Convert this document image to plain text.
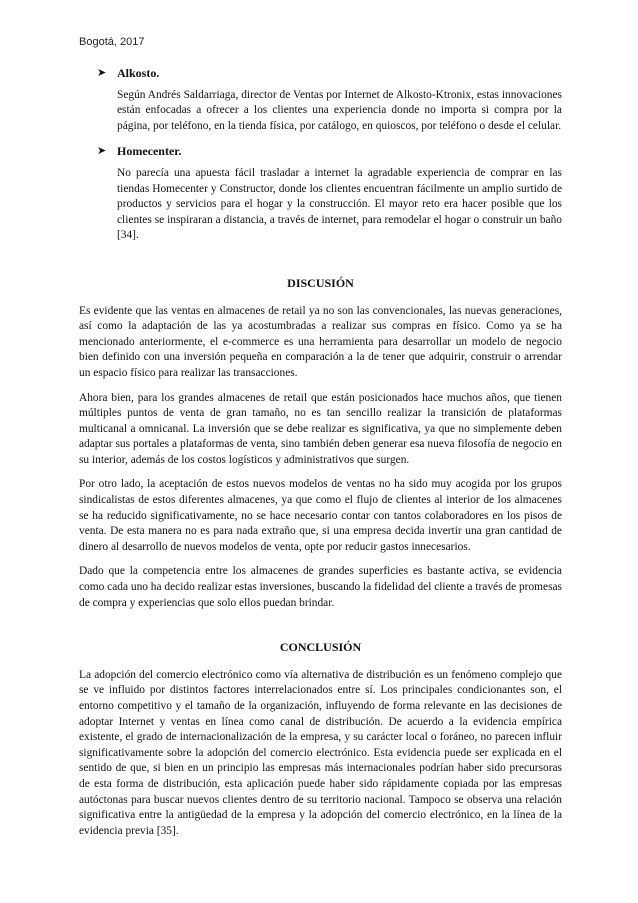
Bogotá, 2017
➤ Alkosto.

Según Andrés Saldarriaga, director de Ventas por Internet de Alkosto-Ktronix, estas innovaciones están enfocadas a ofrecer a los clientes una experiencia donde no importa si compra por la página, por teléfono, en la tienda física, por catálogo, en quioscos, por teléfono o desde el celular.

➤ Homecenter.

No parecía una apuesta fácil trasladar a internet la agradable experiencia de comprar en las tiendas Homecenter y Constructor, donde los clientes encuentran fácilmente un amplio surtido de productos y servicios para el hogar y la construcción. El mayor reto era hacer posible que los clientes se inspiraran a distancia, a través de internet, para remodelar el hogar o construir un baño [34].

DISCUSIÓN

Es evidente que las ventas en almacenes de retail ya no son las convencionales, las nuevas generaciones, así como la adaptación de las ya acostumbradas a realizar sus compras en físico. Como ya se ha mencionado anteriormente, el e-commerce es una herramienta para desarrollar un modelo de negocio bien definido con una inversión pequeña en comparación a la de tener que adquirir, construir o arrendar un espacio físico para realizar las transacciones.

Ahora bien, para los grandes almacenes de retail que están posicionados hace muchos años, que tienen múltiples puntos de venta de gran tamaño, no es tan sencillo realizar la transición de plataformas multicanal a omnicanal. La inversión que se debe realizar es significativa, ya que no simplemente deben adaptar sus portales a plataformas de venta, sino también deben generar esa nueva filosofía de negocio en su interior, además de los costos logísticos y administrativos que surgen.

Por otro lado, la aceptación de estos nuevos modelos de ventas no ha sido muy acogida por los grupos sindicalistas de estos diferentes almacenes, ya que como el flujo de clientes al interior de los almacenes se ha reducido significativamente, no se hace necesario contar con tantos colaboradores en los pisos de venta. De esta manera no es para nada extraño que, si una empresa decida invertir una gran cantidad de dinero al desarrollo de nuevos modelos de venta, opte por reducir gastos innecesarios.

Dado que la competencia entre los almacenes de grandes superficies es bastante activa, se evidencia como cada uno ha decido realizar estas inversiones, buscando la fidelidad del cliente a través de promesas de compra y experiencias que solo ellos puedan brindar.

CONCLUSIÓN

La adopción del comercio electrónico como vía alternativa de distribución es un fenómeno complejo que se ve influido por distintos factores interrelacionados entre sí. Los principales condicionantes son, el entorno competitivo y el tamaño de la organización, influyendo de forma relevante en las decisiones de adoptar Internet y ventas en línea como canal de distribución. De acuerdo a la evidencia empírica existente, el grado de internacionalización de la empresa, y su carácter local o foráneo, no parecen influir significativamente sobre la adopción del comercio electrónico. Esta evidencia puede ser explicada en el sentido de que, si bien en un principio las empresas más internacionales podrían haber sido precursoras de esta forma de distribución, esta aplicación puede haber sido rápidamente copiada por las empresas autóctonas para buscar nuevos clientes dentro de su territorio nacional. Tampoco se observa una relación significativa entre la antigüedad de la empresa y la adopción del comercio electrónico, en la línea de la evidencia previa [35].
